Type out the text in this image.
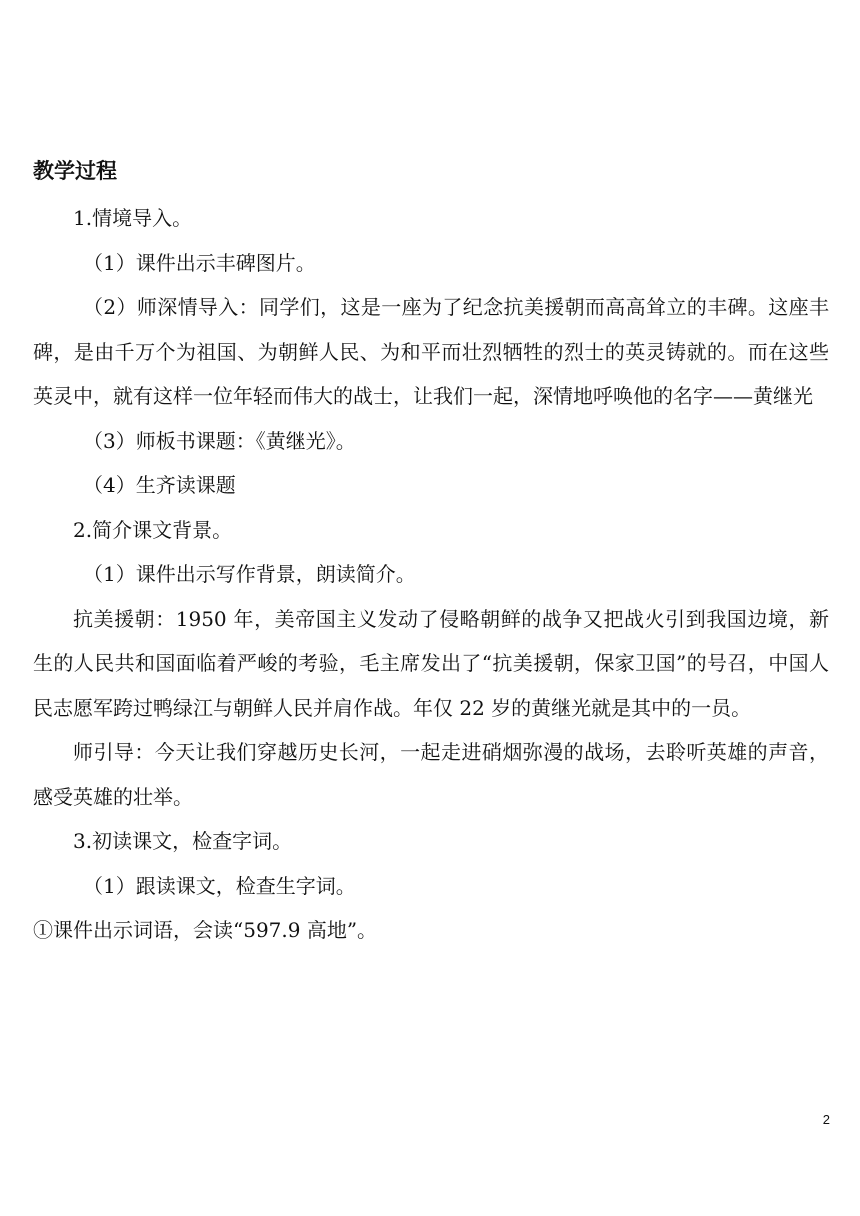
教学过程

1.情境导入。

（1）课件出示丰碑图片。

（2）师深情导入：同学们，这是一座为了纪念抗美援朝而高高耸立的丰碑。这座丰碑，是由千万个为祖国、为朝鲜人民、为和平而壮烈牺牲的烈士的英灵铸就的。而在这些英灵中，就有这样一位年轻而伟大的战士，让我们一起，深情地呼唤他的名字——黄继光

（3）师板书课题：《黄继光》。

（4）生齐读课题

2.简介课文背景。

（1）课件出示写作背景，朗读简介。

抗美援朝：1950 年，美帝国主义发动了侵略朝鲜的战争又把战火引到我国边境，新生的人民共和国面临着严峻的考验，毛主席发出了“抗美援朝，保家卫国”的号召，中国人民志愿军跨过鸭绿江与朝鲜人民并肩作战。年仅 22 岁的黄继光就是其中的一员。

师引导：今天让我们穿越历史长河，一起走进硝烟弥漫的战场，去聆听英雄的声音，感受英雄的壮举。

3.初读课文，检查字词。

（1）跟读课文，检查生字词。

①课件出示词语，会读“597.9 高地”。

2
